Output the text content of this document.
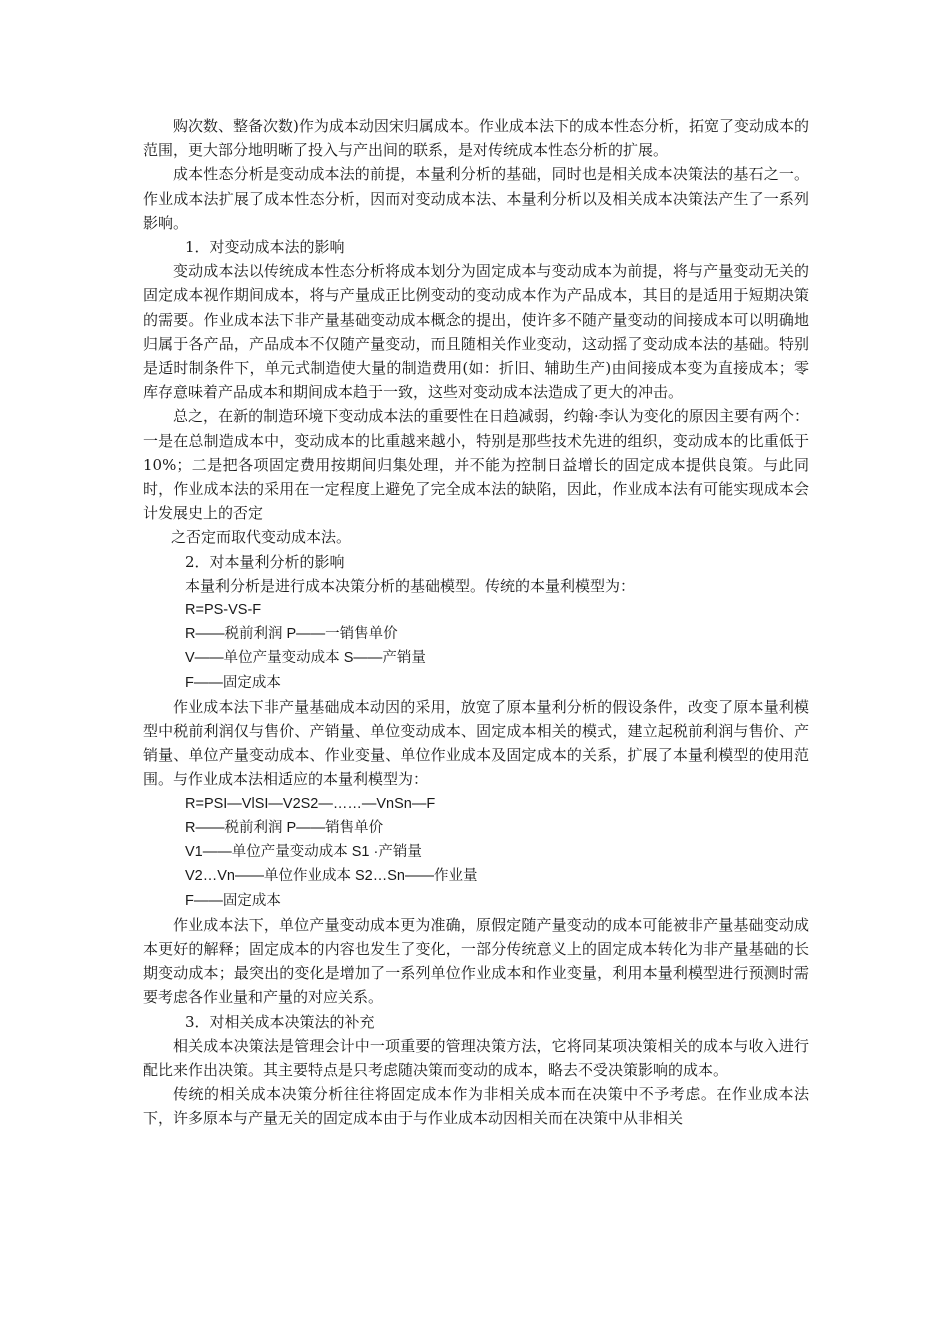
购次数、整备次数)作为成本动因宋归属成本。作业成本法下的成本性态分析，拓宽了变动成本的范围，更大部分地明晰了投入与产出间的联系，是对传统成本性态分析的扩展。

成本性态分析是变动成本法的前提，本量利分析的基础，同时也是相关成本决策法的基石之一。作业成本法扩展了成本性态分析，因而对变动成本法、本量利分析以及相关成本决策法产生了一系列影响。

1．对变动成本法的影响

变动成本法以传统成本性态分析将成本划分为固定成本与变动成本为前提，将与产量变动无关的固定成本视作期间成本，将与产量成正比例变动的变动成本作为产品成本，其目的是适用于短期决策的需要。作业成本法下非产量基础变动成本概念的提出，使许多不随产量变动的间接成本可以明确地归属于各产品，产品成本不仅随产量变动，而且随相关作业变动，这动摇了变动成本法的基础。特别是适时制条件下，单元式制造使大量的制造费用(如：折旧、辅助生产)由间接成本变为直接成本；零库存意味着产品成本和期间成本趋于一致，这些对变动成本法造成了更大的冲击。

总之，在新的制造环境下变动成本法的重要性在日趋减弱，约翰·李认为变化的原因主要有两个：一是在总制造成本中，变动成本的比重越来越小，特别是那些技术先进的组织，变动成本的比重低于 10%；二是把各项固定费用按期间归集处理，并不能为控制日益增长的固定成本提供良策。与此同时，作业成本法的采用在一定程度上避免了完全成本法的缺陷，因此，作业成本法有可能实现成本会计发展史上的否定

之否定而取代变动成本法。

2．对本量利分析的影响

本量利分析是进行成本决策分析的基础模型。传统的本量利模型为：

R=PS-VS-F

R——税前利润 P——一销售单价

V——单位产量变动成本 S——产销量

F——固定成本

作业成本法下非产量基础成本动因的采用，放宽了原本量利分析的假设条件，改变了原本量利模型中税前利润仅与售价、产销量、单位变动成本、固定成本相关的模式，建立起税前利润与售价、产销量、单位产量变动成本、作业变量、单位作业成本及固定成本的关系，扩展了本量利模型的使用范围。与作业成本法相适应的本量利模型为：

R=PSI—VlSI—V2S2—……—VnSn—F

R——税前利润 P——销售单价

V1——单位产量变动成本 S1 ·产销量

V2…Vn——单位作业成本 S2…Sn——作业量

F——固定成本

作业成本法下，单位产量变动成本更为准确，原假定随产量变动的成本可能被非产量基础变动成本更好的解释；固定成本的内容也发生了变化，一部分传统意义上的固定成本转化为非产量基础的长期变动成本；最突出的变化是增加了一系列单位作业成本和作业变量，利用本量利模型进行预测时需要考虑各作业量和产量的对应关系。

3．对相关成本决策法的补充

相关成本决策法是管理会计中一项重要的管理决策方法，它将同某项决策相关的成本与收入进行配比来作出决策。其主要特点是只考虑随决策而变动的成本，略去不受决策影响的成本。

传统的相关成本决策分析往往将固定成本作为非相关成本而在决策中不予考虑。在作业成本法下，许多原本与产量无关的固定成本由于与作业成本动因相关而在决策中从非相关
